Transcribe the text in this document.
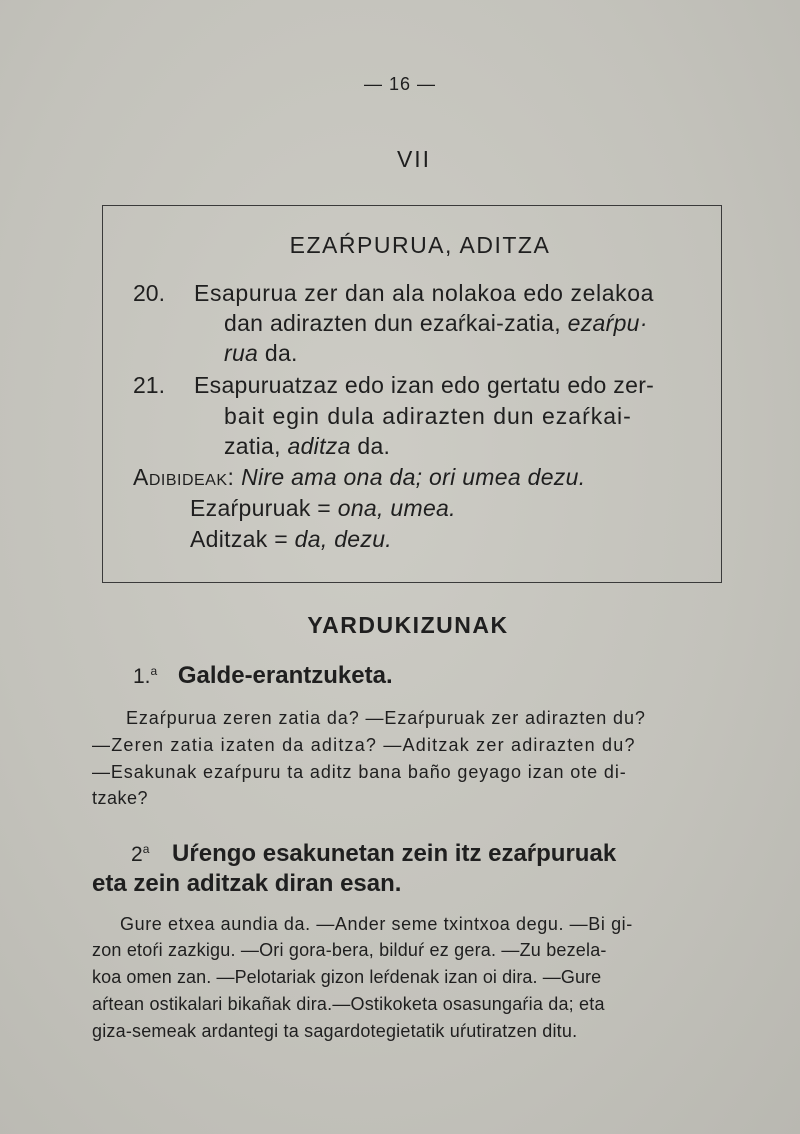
— 16 —
VII
EZAŔPURUA, ADITZA
20. Esapurua zer dan ala nolakoa edo zelakoa
dan adirazten dun ezaŕkai-zatia, ezaŕpu·
rua da.
21. Esapuruatzaz edo izan edo gertatu edo zer-
bait egin dula adirazten dun ezaŕkai-
zatia, aditza da.
Adibideak: Nire ama ona da; ori umea dezu.
Ezaŕpuruak = ona, umea.
Aditzak = da, dezu.
YARDUKIZUNAK
1.$^a$ Galde-erantzuketa.
Ezaŕpurua zeren zatia da? —Ezaŕpuruak zer adirazten du?
—Zeren zatia izaten da aditza? —Aditzak zer adirazten du?
—Esakunak ezaŕpuru ta aditz bana baño geyago izan ote di-
tzake?
2$^a$ Uŕengo esakunetan zein itz ezaŕpuruak
eta zein aditzak diran esan.
Gure etxea aundia da. —Ander seme txintxoa degu. —Bi gi-
zon etoŕi zazkigu. —Ori gora-bera, bilduŕ ez gera. —Zu bezela-
koa omen zan. —Pelotariak gizon leŕdenak izan oi dira. —Gure
aŕtean ostikalari bikañak dira.—Ostikoketa osasungaŕia da; eta
giza-semeak ardantegi ta sagardotegietatik uŕutiratzen ditu.
